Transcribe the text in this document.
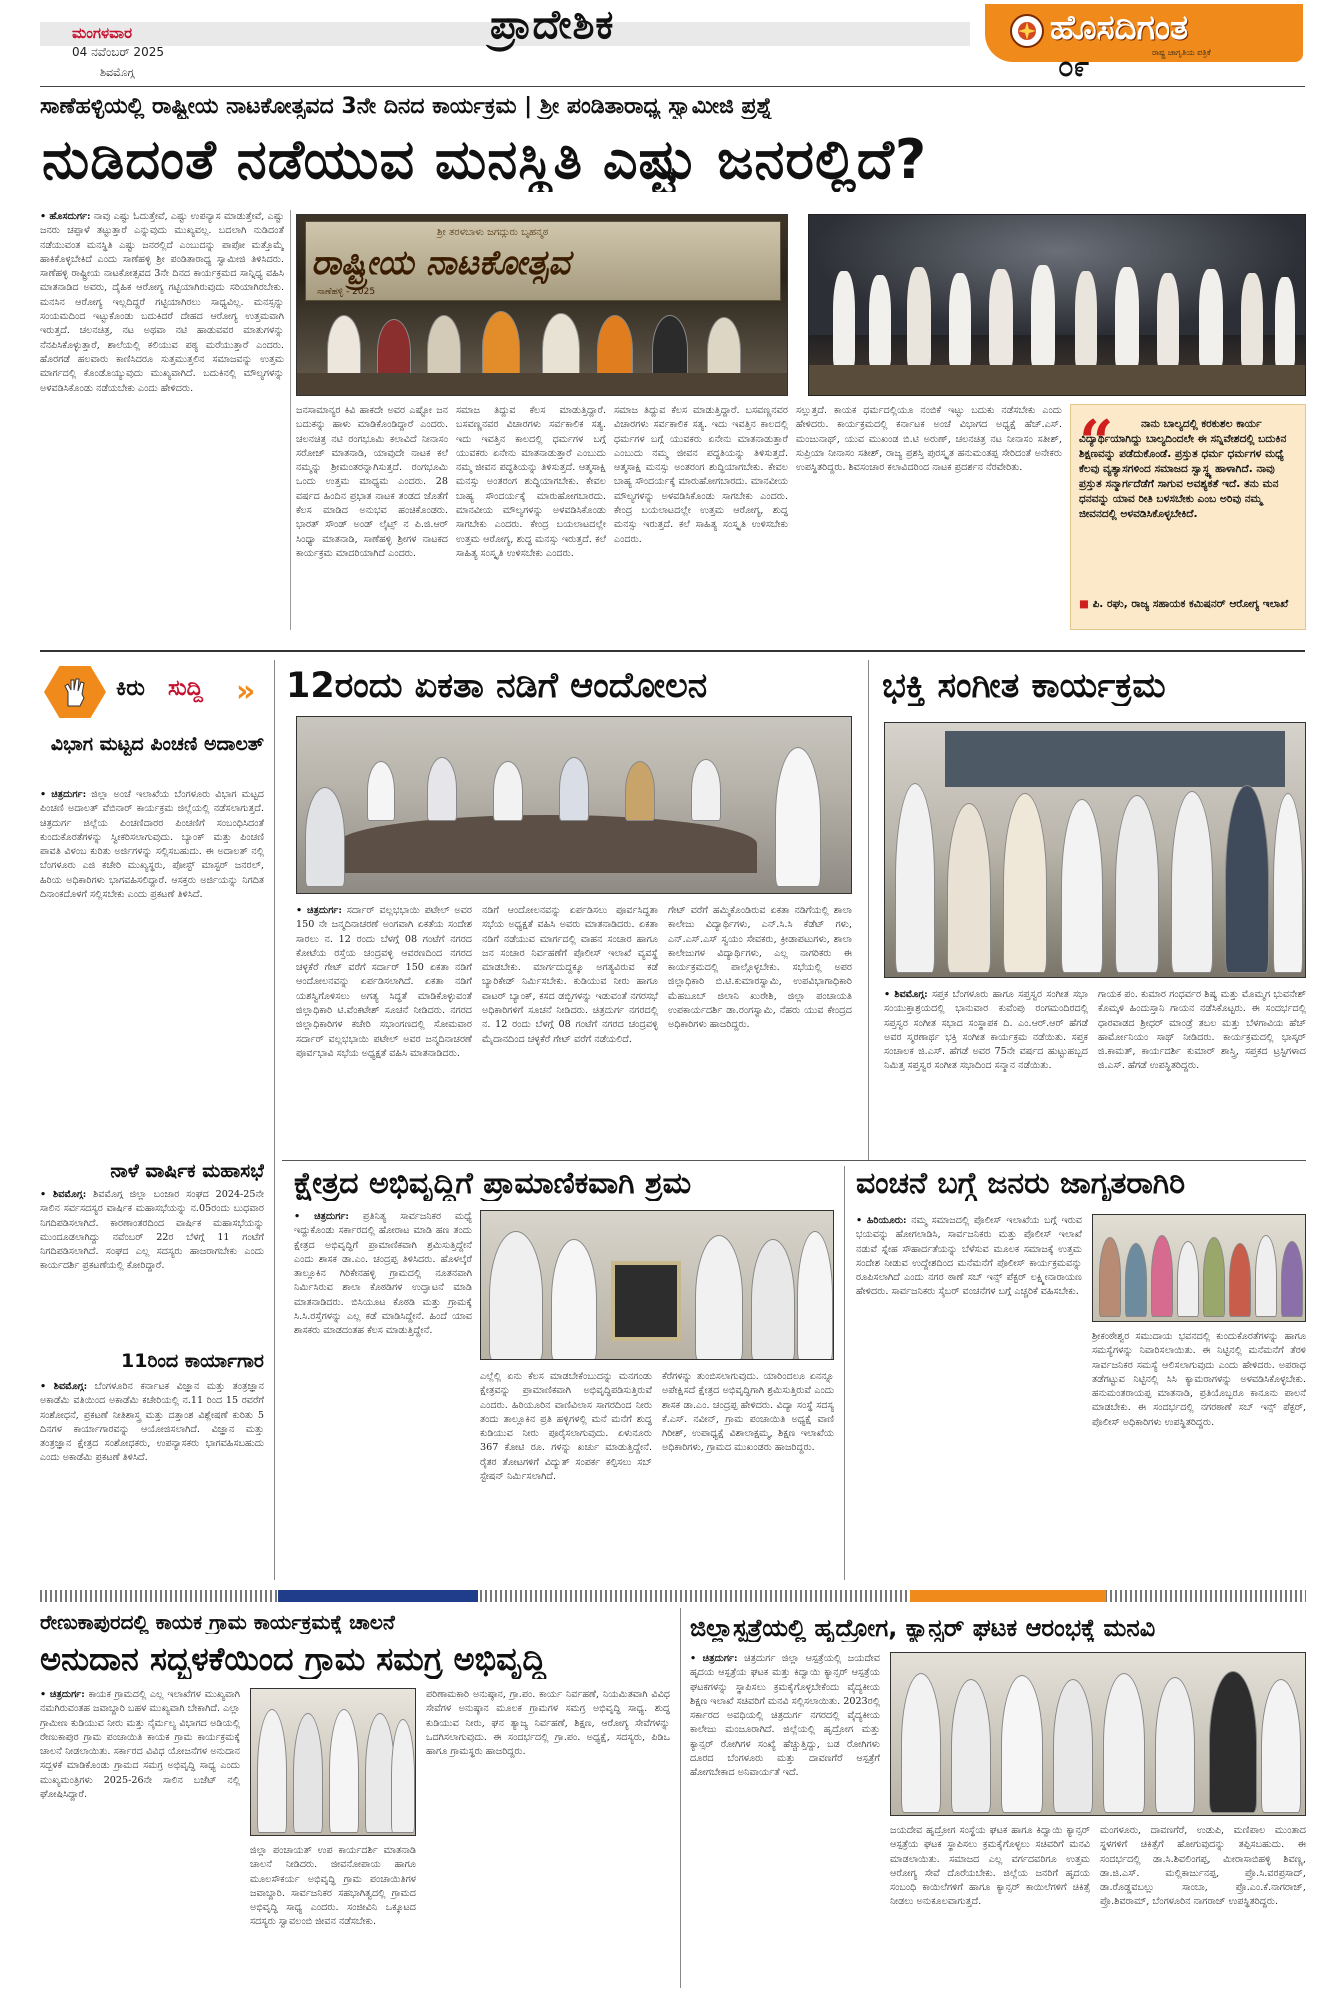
ಮಂಗಳವಾರ
04 ನವೆಂಬರ್ 2025
ಶಿವಮೊಗ್ಗ
ಪ್ರಾದೇಶಿಕ	ಹೊಸದಿಗಂತ
ರಾಷ್ಟ್ರ ಜಾಗೃತಿಯ ಪತ್ರಿಕೆ
೦೯
ಸಾಣೆಹಳ್ಳಿಯಲ್ಲಿ ರಾಷ್ಟ್ರೀಯ ನಾಟಕೋತ್ಸವದ 3ನೇ ದಿನದ ಕಾರ್ಯಕ್ರಮ | ಶ್ರೀ ಪಂಡಿತಾರಾಧ್ಯ ಸ್ವಾಮೀಜಿ ಪ್ರಶ್ನೆ
ನುಡಿದಂತೆ ನಡೆಯುವ ಮನಸ್ಥಿತಿ ಎಷ್ಟು ಜನರಲ್ಲಿದೆ?
ಶ್ರೀ ತರಳಬಾಳು ಜಗದ್ಗುರು ಬೃಹನ್ಮಠ
ರಾಷ್ಟ್ರೀಯ ನಾಟಕೋತ್ಸವ
ಸಾಣೆಹಳ್ಳಿ - 2025

• ಹೊಸದುರ್ಗ: ನಾವು ಎಷ್ಟು ಓದುತ್ತೇವೆ, ಎಷ್ಟು ಉಪನ್ಯಾಸ ಮಾಡುತ್ತೇವೆ, ಎಷ್ಟು ಜನರು ಚಪ್ಪಾಳೆ ತಟ್ಟುತ್ತಾರೆ ಎನ್ನುವುದು ಮುಖ್ಯವಲ್ಲ. ಬದಲಾಗಿ ನುಡಿದಂತೆ ನಡೆಯುವಂತ ಮನಸ್ಥಿತಿ ಎಷ್ಟು ಜನರಲ್ಲಿದೆ ಎಂಬುದನ್ನು ಪಾಪೋ ಮತ್ತೊಮ್ಮೆ ಹಾಕಿಕೊಳ್ಳಬೇಕಿದೆ ಎಂದು ಸಾಣೆಹಳ್ಳಿ ಶ್ರೀ ಪಂಡಿತಾರಾಧ್ಯ ಸ್ವಾಮೀಜಿ ತಿಳಿಸಿದರು. ಸಾಣೆಹಳ್ಳಿ ರಾಷ್ಟ್ರೀಯ ನಾಟಕೋತ್ಸವದ 3ನೇ ದಿನದ ಕಾರ್ಯಕ್ರಮದ ಸಾನ್ನಿಧ್ಯ ವಹಿಸಿ ಮಾತನಾಡಿದ ಅವರು, ದೈಹಿಕ ಆರೋಗ್ಯ ಗಟ್ಟಿಯಾಗಿರುವುದು ಸರಿಯಾಗಿರಬೇಕು. ಮನಸಿನ ಆರೋಗ್ಯ ಇಲ್ಲದಿದ್ದರೆ ಗಟ್ಟಿಯಾಗಿರಲು ಸಾಧ್ಯವಿಲ್ಲ. ಮನಸ್ಸನ್ನು ಸಂಯಮದಿಂದ ಇಟ್ಟುಕೊಂಡು ಬದುಕಿದರೆ ದೇಹದ ಆರೋಗ್ಯ ಉತ್ತಮವಾಗಿ ಇರುತ್ತದೆ. ಚಲನಚಿತ್ರ, ನಟ ಅಥವಾ ನಟಿ ಹಾಡುವವರ ಮಾತುಗಳನ್ನು ನೆನಪಿಸಿಕೊಳ್ಳುತ್ತಾರೆ, ಶಾಲೆಯಲ್ಲಿ ಕಲಿಯುವ ಪಠ್ಯ ಮರೆಯುತ್ತಾರೆ ಎಂದರು. ಹೊರಗಡೆ ಹಲವಾರು ಕಾಣಿಸಿದರೂ ಸುತ್ತಮುತ್ತಲಿನ ಸಮಾಜವನ್ನು ಉತ್ತಮ ಮಾರ್ಗದಲ್ಲಿ ಕೊಂಡೊಯ್ಯುವುದು ಮುಖ್ಯವಾಗಿದೆ. ಬದುಕಿನಲ್ಲಿ ಮೌಲ್ಯಗಳನ್ನು ಅಳವಡಿಸಿಕೊಂಡು ನಡೆಯಬೇಕು ಎಂದು ಹೇಳಿದರು.

ಜನಸಾಮಾನ್ಯರ ಕಿವಿ ಹಾಕದೇ ಅವರ ಎಷ್ಟೋ ಜನ ಬದುಕನ್ನು ಹಾಳು ಮಾಡಿಕೊಂಡಿದ್ದಾರೆ ಎಂದರು. ಚಲನಚಿತ್ರ ನಟಿ ರಂಗಭೂಮಿ ಕಲಾವಿದೆ ನೀನಾಸಂ ಸರೋಜ್ ಮಾತನಾಡಿ, ಯಾವುದೇ ನಾಟಕ ಕಲೆ ನಮ್ಮನ್ನು ಶ್ರೀಮಂತರನ್ನಾಗಿಸುತ್ತದೆ. ರಂಗಭೂಮಿ ಒಂದು ಉತ್ತಮ ಮಾಧ್ಯಮ ಎಂದರು. 28 ವರ್ಷದ ಹಿಂದಿನ ಪ್ರಭಾತ ನಾಟಕ ತಂಡದ ಜೊತೆಗೆ ಕೆಲಸ ಮಾಡಿದ ಅನುಭವ ಹಂಚಿಕೊಂಡರು. ಭಾರತ್ ಸೌಂಡ್ ಅಂಡ್ ಲೈಟ್ಸ್ ನ ಪಿ.ಜಿ.ಆರ್ ಸಿಂಧ್ಯಾ ಮಾತನಾಡಿ, ಸಾಣೆಹಳ್ಳಿ ಶ್ರೀಗಳ ನಾಟಕದ ಕಾರ್ಯಕ್ರಮ ಮಾದರಿಯಾಗಿದೆ ಎಂದರು.

ಸಮಾಜ ತಿದ್ದುವ ಕೆಲಸ ಮಾಡುತ್ತಿದ್ದಾರೆ. ಬಸವಣ್ಣನವರ ವಿಚಾರಗಳು ಸರ್ವಕಾಲಿಕ ಸತ್ಯ. ಇದು ಇವತ್ತಿನ ಕಾಲದಲ್ಲಿ ಧರ್ಮಗಳ ಬಗ್ಗೆ ಯುವಕರು ಏನೇನು ಮಾತನಾಡುತ್ತಾರೆ ಎಂಬುದು ನಮ್ಮ ಜೀವನ ಪದ್ಧತಿಯನ್ನು ತಿಳಿಸುತ್ತದೆ. ಆತ್ಮಸಾಕ್ಷಿ ಮನಸ್ಸು ಅಂತರಂಗ ಶುದ್ಧಿಯಾಗಬೇಕು. ಕೇವಲ ಬಾಹ್ಯ ಸೌಂದರ್ಯಕ್ಕೆ ಮಾರುಹೋಗಬಾರದು. ಮಾನವೀಯ ಮೌಲ್ಯಗಳನ್ನು ಅಳವಡಿಸಿಕೊಂಡು ಸಾಗಬೇಕು ಎಂದರು. ಕೇಂದ್ರ ಬಯಲಾಟದಲ್ಲೇ ಉತ್ತಮ ಆರೋಗ್ಯ, ಶುದ್ಧ ಮನಸ್ಸು ಇರುತ್ತದೆ. ಕಲೆ ಸಾಹಿತ್ಯ ಸಂಸ್ಕೃತಿ ಉಳಿಸಬೇಕು ಎಂದರು.

ಸಮಾಜ ತಿದ್ದುವ ಕೆಲಸ ಮಾಡುತ್ತಿದ್ದಾರೆ. ಬಸವಣ್ಣನವರ ವಿಚಾರಗಳು ಸರ್ವಕಾಲಿಕ ಸತ್ಯ. ಇದು ಇವತ್ತಿನ ಕಾಲದಲ್ಲಿ ಧರ್ಮಗಳ ಬಗ್ಗೆ ಯುವಕರು ಏನೇನು ಮಾತನಾಡುತ್ತಾರೆ ಎಂಬುದು ನಮ್ಮ ಜೀವನ ಪದ್ಧತಿಯನ್ನು ತಿಳಿಸುತ್ತದೆ. ಆತ್ಮಸಾಕ್ಷಿ ಮನಸ್ಸು ಅಂತರಂಗ ಶುದ್ಧಿಯಾಗಬೇಕು. ಕೇವಲ ಬಾಹ್ಯ ಸೌಂದರ್ಯಕ್ಕೆ ಮಾರುಹೋಗಬಾರದು. ಮಾನವೀಯ ಮೌಲ್ಯಗಳನ್ನು ಅಳವಡಿಸಿಕೊಂಡು ಸಾಗಬೇಕು ಎಂದರು. ಕೇಂದ್ರ ಬಯಲಾಟದಲ್ಲೇ ಉತ್ತಮ ಆರೋಗ್ಯ, ಶುದ್ಧ ಮನಸ್ಸು ಇರುತ್ತದೆ. ಕಲೆ ಸಾಹಿತ್ಯ ಸಂಸ್ಕೃತಿ ಉಳಿಸಬೇಕು ಎಂದರು.

ಸಲ್ಲುತ್ತದೆ. ಕಾಯಕ ಧರ್ಮದಲ್ಲಿಯೂ ನಂಬಿಕೆ ಇಟ್ಟು ಬದುಕು ನಡೆಸಬೇಕು ಎಂದು ಹೇಳಿದರು. ಕಾರ್ಯಕ್ರಮದಲ್ಲಿ ಕರ್ನಾಟಕ ಅಂಚೆ ವಿಭಾಗದ ಅಧ್ಯಕ್ಷೆ ಹೆಚ್.ಎಸ್. ಮಂಜುನಾಥ್, ಯುವ ಮುಖಂಡ ಬಿ.ಟಿ ಅರುಣ್, ಚಲನಚಿತ್ರ ನಟ ನೀನಾಸಂ ಸತೀಶ್, ಸುಪ್ರಿಯಾ ನೀನಾಸಂ ಸತೀಶ್, ರಾಜ್ಯ ಪ್ರಶಸ್ತಿ ಪುರಸ್ಕೃತ ಹನುಮಂತಪ್ಪ ಸೇರಿದಂತೆ ಅನೇಕರು ಉಪಸ್ಥಿತರಿದ್ದರು. ಶಿವಸಂಚಾರ ಕಲಾವಿದರಿಂದ ನಾಟಕ ಪ್ರದರ್ಶನ ನೆರವೇರಿತು. “	ನಾನು ಬಾಲ್ಯದಲ್ಲಿ ಕರಕುಶಲ ಕಾರ್ಯ ವಿದ್ಯಾರ್ಥಿಯಾಗಿದ್ದು ಬಾಲ್ಯದಿಂದಲೇ ಈ ಸನ್ನಿವೇಶದಲ್ಲಿ ಬದುಕಿನ ಶಿಕ್ಷಣವನ್ನು ಪಡೆದುಕೊಂಡೆ. ಪ್ರಸ್ತುತ ಧರ್ಮ ಧರ್ಮಗಳ ಮಧ್ಯೆ ಕೆಲವು ವ್ಯತ್ಯಾಸಗಳಿಂದ ಸಮಾಜದ ಸ್ವಾಸ್ಥ್ಯ ಹಾಳಾಗಿದೆ. ನಾವು ಪ್ರಸ್ತುತ ಸನ್ಮಾರ್ಗದೆಡೆಗೆ ಸಾಗುವ ಅವಶ್ಯಕತೆ ಇದೆ. ತನು ಮನ ಧನವನ್ನು ಯಾವ ರೀತಿ ಬಳಸಬೇಕು ಎಂಬ ಅರಿವು ನಮ್ಮ ಜೀವನದಲ್ಲಿ ಅಳವಡಿಸಿಕೊಳ್ಳಬೇಕಿದೆ.
■ ಪಿ. ರಘು, ರಾಜ್ಯ ಸಹಾಯಕ ಕಮಿಷನರ್ ಆರೋಗ್ಯ ಇಲಾಖೆ
ಕಿರು ಸುದ್ದಿ »
ವಿಭಾಗ ಮಟ್ಟದ ಪಿಂಚಣಿ ಅದಾಲತ್

• ಚಿತ್ರದುರ್ಗ: ಜಿಲ್ಲಾ ಅಂಚೆ ಇಲಾಖೆಯ ಬೆಂಗಳೂರು ವಿಭಾಗ ಮಟ್ಟದ ಪಿಂಚಣಿ ಅದಾಲತ್ ವೆಬಿನಾರ್ ಕಾರ್ಯಕ್ರಮ ಜಿಲ್ಲೆಯಲ್ಲಿ ನಡೆಸಲಾಗುತ್ತದೆ. ಚಿತ್ರದುರ್ಗ ಜಿಲ್ಲೆಯ ಪಿಂಚಣಿದಾರರ ಪಿಂಚಣಿಗೆ ಸಂಬಂಧಿಸಿದಂತೆ ಕುಂದುಕೊರತೆಗಳನ್ನು ಸ್ವೀಕರಿಸಲಾಗುವುದು. ಬ್ಯಾಂಕ್ ಮತ್ತು ಪಿಂಚಣಿ ಪಾವತಿ ವಿಳಂಬ ಕುರಿತು ಅರ್ಜಿಗಳನ್ನು ಸಲ್ಲಿಸಬಹುದು. ಈ ಅದಾಲತ್ ನಲ್ಲಿ ಬೆಂಗಳೂರು ಎಜಿ ಕಚೇರಿ ಮುಖ್ಯಸ್ಥರು, ಪೋಸ್ಟ್ ಮಾಸ್ಟರ್ ಜನರಲ್, ಹಿರಿಯ ಅಧಿಕಾರಿಗಳು ಭಾಗವಹಿಸಲಿದ್ದಾರೆ. ಆಸಕ್ತರು ಅರ್ಜಿಯನ್ನು ನಿಗದಿತ ದಿನಾಂಕದೊಳಗೆ ಸಲ್ಲಿಸಬೇಕು ಎಂದು ಪ್ರಕಟಣೆ ತಿಳಿಸಿದೆ.

ನಾಳೆ ವಾರ್ಷಿಕ ಮಹಾಸಭೆ

• ಶಿವಮೊಗ್ಗ: ಶಿವಮೊಗ್ಗ ಜಿಲ್ಲಾ ಬಂಜಾರ ಸಂಘದ 2024-25ನೇ ಸಾಲಿನ ಸರ್ವಸದಸ್ಯರ ವಾರ್ಷಿಕ ಮಹಾಸಭೆಯನ್ನು ನ.05ರಂದು ಬುಧವಾರ ನಿಗದಿಪಡಿಸಲಾಗಿದೆ. ಕಾರಣಾಂತರದಿಂದ ವಾರ್ಷಿಕ ಮಹಾಸಭೆಯನ್ನು ಮುಂದೂಡಲಾಗಿದ್ದು ನವೆಂಬರ್ 22ರ ಬೆಳಗ್ಗೆ 11 ಗಂಟೆಗೆ ನಿಗದಿಪಡಿಸಲಾಗಿದೆ. ಸಂಘದ ಎಲ್ಲ ಸದಸ್ಯರು ಹಾಜರಾಗಬೇಕು ಎಂದು ಕಾರ್ಯದರ್ಶಿ ಪ್ರಕಟಣೆಯಲ್ಲಿ ಕೋರಿದ್ದಾರೆ.

11ರಿಂದ ಕಾರ್ಯಾಗಾರ

• ಶಿವಮೊಗ್ಗ: ಬೆಂಗಳೂರಿನ ಕರ್ನಾಟಕ ವಿಜ್ಞಾನ ಮತ್ತು ತಂತ್ರಜ್ಞಾನ ಅಕಾಡೆಮಿ ವತಿಯಿಂದ ಅಕಾಡೆಮಿ ಕಚೇರಿಯಲ್ಲಿ ನ.11 ರಿಂದ 15 ರವರೆಗೆ ಸಂಶೋಧನೆ, ಪ್ರಕಟಣೆ ನೀತಿಶಾಸ್ತ್ರ ಮತ್ತು ದತ್ತಾಂಶ ವಿಶ್ಲೇಷಣೆ ಕುರಿತು 5 ದಿನಗಳ ಕಾರ್ಯಾಗಾರವನ್ನು ಆಯೋಜಿಸಲಾಗಿದೆ. ವಿಜ್ಞಾನ ಮತ್ತು ತಂತ್ರಜ್ಞಾನ ಕ್ಷೇತ್ರದ ಸಂಶೋಧಕರು, ಉಪನ್ಯಾಸಕರು ಭಾಗವಹಿಸಬಹುದು ಎಂದು ಅಕಾಡೆಮಿ ಪ್ರಕಟಣೆ ತಿಳಿಸಿದೆ.

12ರಂದು ಏಕತಾ ನಡಿಗೆ ಆಂದೋಲನ

• ಚಿತ್ರದುರ್ಗ: ಸರ್ದಾರ್ ವಲ್ಲಭಭಾಯಿ ಪಟೇಲ್ ಅವರ 150 ನೇ ಜನ್ಮದಿನಾಚರಣೆ ಅಂಗವಾಗಿ ಏಕತೆಯ ಸಂದೇಶ ಸಾರಲು ನ. 12 ರಂದು ಬೆಳಗ್ಗೆ 08 ಗಂಟೆಗೆ ನಗರದ ಕೋಟೆಯ ರಸ್ತೆಯ ಚಂದ್ರವಳ್ಳಿ ಆವರಣದಿಂದ ನಗರದ ಚಳ್ಳಕೆರೆ ಗೇಟ್ ವರೆಗೆ ಸರ್ದಾರ್ 150 ಏಕತಾ ನಡಿಗೆ ಆಂದೋಲನವನ್ನು ಏರ್ಪಡಿಸಲಾಗಿದೆ. ಏಕತಾ ನಡಿಗೆ ಯಶಸ್ವಿಗೊಳಿಸಲು ಅಗತ್ಯ ಸಿದ್ಧತೆ ಮಾಡಿಕೊಳ್ಳುವಂತೆ ಜಿಲ್ಲಾಧಿಕಾರಿ ಟಿ.ವೆಂಕಟೇಶ್ ಸೂಚನೆ ನೀಡಿದರು. ನಗರದ ಜಿಲ್ಲಾಧಿಕಾರಿಗಳ ಕಚೇರಿ ಸಭಾಂಗಣದಲ್ಲಿ ಸೋಮವಾರ ಸರ್ದಾರ್ ವಲ್ಲಭಭಾಯಿ ಪಟೇಲ್ ಅವರ ಜನ್ಮದಿನಾಚರಣೆ ಪೂರ್ವಭಾವಿ ಸಭೆಯ ಅಧ್ಯಕ್ಷತೆ ವಹಿಸಿ ಮಾತನಾಡಿದರು.

ನಡಿಗೆ ಆಂದೋಲನವನ್ನು ಏರ್ಪಡಿಸಲು ಪೂರ್ವಸಿದ್ಧತಾ ಸಭೆಯ ಅಧ್ಯಕ್ಷತೆ ವಹಿಸಿ ಅವರು ಮಾತನಾಡಿದರು. ಏಕತಾ ನಡಿಗೆ ನಡೆಯುವ ಮಾರ್ಗದಲ್ಲಿ ವಾಹನ ಸಂಚಾರ ಹಾಗೂ ಜನ ಸಂಚಾರ ನಿರ್ವಹಣೆಗೆ ಪೊಲೀಸ್ ಇಲಾಖೆ ವ್ಯವಸ್ಥೆ ಮಾಡಬೇಕು. ಮಾರ್ಗದುದ್ದಕ್ಕೂ ಅಗತ್ಯವಿರುವ ಕಡೆ ಬ್ಯಾರಿಕೇಡ್ ನಿರ್ಮಿಸಬೇಕು. ಕುಡಿಯುವ ನೀರು ಹಾಗೂ ವಾಟರ್ ಬ್ಯಾಂಕ್, ಕಸದ ಡಬ್ಬಿಗಳನ್ನು ಇಡುವಂತೆ ನಗರಸಭೆ ಅಧಿಕಾರಿಗಳಿಗೆ ಸೂಚನೆ ನೀಡಿದರು. ಚಿತ್ರದುರ್ಗ ನಗರದಲ್ಲಿ ನ. 12 ರಂದು ಬೆಳಗ್ಗೆ 08 ಗಂಟೆಗೆ ನಗರದ ಚಂದ್ರವಳ್ಳಿ ಮೈದಾನದಿಂದ ಚಳ್ಳಕೆರೆ ಗೇಟ್ ವರೆಗೆ ನಡೆಯಲಿದೆ.

ಗೇಟ್ ವರೆಗೆ ಹಮ್ಮಿಕೊಂಡಿರುವ ಏಕತಾ ನಡಿಗೆಯಲ್ಲಿ ಶಾಲಾ ಕಾಲೇಜು ವಿದ್ಯಾರ್ಥಿಗಳು, ಎನ್.ಸಿ.ಸಿ ಕೆಡೆಟ್ ಗಳು, ಎನ್.ಎಸ್.ಎಸ್ ಸ್ವಯಂ ಸೇವಕರು, ಕ್ರೀಡಾಪಟುಗಳು, ಶಾಲಾ ಕಾಲೇಜುಗಳ ವಿದ್ಯಾರ್ಥಿಗಳು, ಎಲ್ಲ ನಾಗರಿಕರು ಈ ಕಾರ್ಯಕ್ರಮದಲ್ಲಿ ಪಾಲ್ಗೊಳ್ಳಬೇಕು. ಸಭೆಯಲ್ಲಿ ಅಪರ ಜಿಲ್ಲಾಧಿಕಾರಿ ಬಿ.ಟಿ.ಕುಮಾರಸ್ವಾಮಿ, ಉಪವಿಭಾಗಾಧಿಕಾರಿ ಮೆಹಬೂಬ್ ಜಿಲಾನಿ ಖುರೇಶಿ, ಜಿಲ್ಲಾ ಪಂಚಾಯತಿ ಉಪಕಾರ್ಯದರ್ಶಿ ಡಾ.ರಂಗಸ್ವಾಮಿ, ನೆಹರು ಯುವ ಕೇಂದ್ರದ ಅಧಿಕಾರಿಗಳು ಹಾಜರಿದ್ದರು.

ಭಕ್ತಿ ಸಂಗೀತ ಕಾರ್ಯಕ್ರಮ

• ಶಿವಮೊಗ್ಗ: ಸಪ್ತಕ ಬೆಂಗಳೂರು ಹಾಗೂ ಸಪ್ತಸ್ವರ ಸಂಗೀತ ಸಭಾ ಸಂಯುಕ್ತಾಶ್ರಯದಲ್ಲಿ ಭಾನುವಾರ ಕುವೆಂಪು ರಂಗಮಂದಿರದಲ್ಲಿ ಸಪ್ತಸ್ವರ ಸಂಗೀತ ಸಭಾದ ಸಂಸ್ಥಾಪಕ ದಿ. ಎಂ.ಆರ್.ಆರ್ ಹೆಗಡೆ ಅವರ ಸ್ಮರಣಾರ್ಥ ಭಕ್ತಿ ಸಂಗೀತ ಕಾರ್ಯಕ್ರಮ ನಡೆಯಿತು. ಸಪ್ತಕ ಸಂಚಾಲಕ ಜಿ.ಎಸ್. ಹೆಗಡೆ ಅವರ 75ನೇ ವರ್ಷದ ಹುಟ್ಟುಹಬ್ಬದ ನಿಮಿತ್ತ ಸಪ್ತಸ್ವರ ಸಂಗೀತ ಸಭಾದಿಂದ ಸನ್ಮಾನ ನಡೆಯಿತು.

ಗಾಯಕ ಪಂ. ಕುಮಾರ ಗಂಧರ್ವರ ಶಿಷ್ಯ ಮತ್ತು ಮೊಮ್ಮಗ ಭುವನೇಶ್ ಕೊಮ್ಕಳಿ ಹಿಂದುಸ್ತಾನಿ ಗಾಯನ ನಡೆಸಿಕೊಟ್ಟರು. ಈ ಸಂದರ್ಭದಲ್ಲಿ ಧಾರವಾಡದ ಶ್ರೀಧರ್ ಮಾಂಡ್ರೆ ತಬಲ ಮತ್ತು ಬೆಳಗಾವಿಯ ಹೆಚ್ ಹಾರ್ಮೋನಿಯಂ ಸಾಥ್ ನೀಡಿದರು. ಕಾರ್ಯಕ್ರಮದಲ್ಲಿ ಭಾಸ್ಕರ್ ಜಿ.ಕಾಮತ್, ಕಾರ್ಯದರ್ಶಿ ಕುಮಾರ್ ಶಾಸ್ತ್ರಿ, ಸಪ್ತಕದ ಟ್ರಸ್ಟಿಗಳಾದ ಜಿ.ಎಸ್. ಹೆಗಡೆ ಉಪಸ್ಥಿತರಿದ್ದರು.

ಕ್ಷೇತ್ರದ ಅಭಿವೃದ್ಧಿಗೆ ಪ್ರಾಮಾಣಿಕವಾಗಿ ಶ್ರಮ

• ಚಿತ್ರದುರ್ಗ: ಪ್ರತಿನಿತ್ಯ ಸಾರ್ವಜನಿಕರ ಮಧ್ಯೆ ಇದ್ದುಕೊಂಡು ಸರ್ಕಾರದಲ್ಲಿ ಹೋರಾಟ ಮಾಡಿ ಹಣ ತಂದು ಕ್ಷೇತ್ರದ ಅಭಿವೃದ್ಧಿಗೆ ಪ್ರಾಮಾಣಿಕವಾಗಿ ಶ್ರಮಿಸುತ್ತಿದ್ದೇನೆ ಎಂದು ಶಾಸಕ ಡಾ.ಎಂ. ಚಂದ್ರಪ್ಪ ತಿಳಿಸಿದರು. ಹೊಳಲ್ಕೆರೆ ತಾಲ್ಲೂಕಿನ ಗಿರಿಕೇನಹಳ್ಳಿ ಗ್ರಾಮದಲ್ಲಿ ನೂತನವಾಗಿ ನಿರ್ಮಿಸಿರುವ ಶಾಲಾ ಕೊಠಡಿಗಳ ಉದ್ಘಾಟನೆ ಮಾಡಿ ಮಾತನಾಡಿದರು. ಬಿಸಿಯೂಟ ಕೊಠಡಿ ಮತ್ತು ಗ್ರಾಮಕ್ಕೆ ಸಿ.ಸಿ.ರಸ್ತೆಗಳನ್ನು ಎಲ್ಲ ಕಡೆ ಮಾಡಿಸಿದ್ದೇನೆ. ಹಿಂದೆ ಯಾವ ಶಾಸಕರು ಮಾಡದಂತಹ ಕೆಲಸ ಮಾಡುತ್ತಿದ್ದೇನೆ.

ಎಲ್ಲೆಲ್ಲಿ ಏನು ಕೆಲಸ ಮಾಡಬೇಕೆಂಬುದನ್ನು ಮನಗಂಡು ಕ್ಷೇತ್ರವನ್ನು ಪ್ರಾಮಾಣಿಕವಾಗಿ ಅಭಿವೃದ್ಧಿಪಡಿಸುತ್ತಿರುವೆ ಎಂದರು. ಹಿರಿಯೂರಿನ ವಾಣಿವಿಲಾಸ ಸಾಗರದಿಂದ ನೀರು ತಂದು ತಾಲ್ಲೂಕಿನ ಪ್ರತಿ ಹಳ್ಳಿಗಳಲ್ಲಿ ಮನೆ ಮನೆಗೆ ಶುದ್ಧ ಕುಡಿಯುವ ನೀರು ಪೂರೈಸಲಾಗುವುದು. ಏಳುನೂರು 367 ಕೋಟಿ ರೂ. ಗಳನ್ನು ಖರ್ಚು ಮಾಡುತ್ತಿದ್ದೇನೆ. ರೈತರ ತೋಟಗಳಿಗೆ ವಿದ್ಯುತ್ ಸಂಪರ್ಕ ಕಲ್ಪಿಸಲು ಸಬ್ ಸ್ಟೇಷನ್ ನಿರ್ಮಿಸಲಾಗಿದೆ.

ಕೆರೆಗಳನ್ನು ತುಂಬಿಸಲಾಗುವುದು. ಯಾರಿಂದಲೂ ಏನನ್ನೂ ಅಪೇಕ್ಷಿಸದೆ ಕ್ಷೇತ್ರದ ಅಭಿವೃದ್ಧಿಗಾಗಿ ಶ್ರಮಿಸುತ್ತಿರುವೆ ಎಂದು ಶಾಸಕ ಡಾ.ಎಂ. ಚಂದ್ರಪ್ಪ ಹೇಳಿದರು. ವಿದ್ಯಾ ಸಂಸ್ಥೆ ಸದಸ್ಯ ಕೆ.ಎಸ್. ನವೀನ್, ಗ್ರಾಮ ಪಂಚಾಯಿತಿ ಅಧ್ಯಕ್ಷೆ ವಾಣಿ ಗಿರೀಶ್, ಉಪಾಧ್ಯಕ್ಷೆ ವಿಶಾಲಾಕ್ಷಮ್ಮ, ಶಿಕ್ಷಣ ಇಲಾಖೆಯ ಅಧಿಕಾರಿಗಳು, ಗ್ರಾಮದ ಮುಖಂಡರು ಹಾಜರಿದ್ದರು.

ವಂಚನೆ ಬಗ್ಗೆ ಜನರು ಜಾಗೃತರಾಗಿರಿ

• ಹಿರಿಯೂರು: ನಮ್ಮ ಸಮಾಜದಲ್ಲಿ ಪೊಲೀಸ್ ಇಲಾಖೆಯ ಬಗ್ಗೆ ಇರುವ ಭಯವನ್ನು ಹೋಗಲಾಡಿಸಿ, ಸಾರ್ವಜನಿಕರು ಮತ್ತು ಪೊಲೀಸ್ ಇಲಾಖೆ ನಡುವೆ ಸ್ನೇಹ ಸೌಹಾರ್ದತೆಯನ್ನು ಬೆಳೆಸುವ ಮೂಲಕ ಸಮಾಜಕ್ಕೆ ಉತ್ತಮ ಸಂದೇಶ ನೀಡುವ ಉದ್ದೇಶದಿಂದ ಮನೆಮನೆಗೆ ಪೊಲೀಸ್ ಕಾರ್ಯಕ್ರಮವನ್ನು ರೂಪಿಸಲಾಗಿದೆ ಎಂದು ನಗರ ಠಾಣೆ ಸಬ್ ಇನ್ಸ್ ಪೆಕ್ಟರ್ ಲಕ್ಷ್ಮೀನಾರಾಯಣ ಹೇಳಿದರು. ಸಾರ್ವಜನಿಕರು ಸೈಬರ್ ವಂಚನೆಗಳ ಬಗ್ಗೆ ಎಚ್ಚರಿಕೆ ವಹಿಸಬೇಕು.

ಶ್ರೀಕಂಠೇಶ್ವರ ಸಮುದಾಯ ಭವನದಲ್ಲಿ ಕುಂದುಕೊರತೆಗಳನ್ನು ಹಾಗೂ ಸಮಸ್ಯೆಗಳನ್ನು ನಿವಾರಿಸಲಾಯಿತು. ಈ ನಿಟ್ಟಿನಲ್ಲಿ ಮನೆಮನೆಗೆ ತೆರಳಿ ಸಾರ್ವಜನಿಕರ ಸಮಸ್ಯೆ ಆಲಿಸಲಾಗುವುದು ಎಂದು ಹೇಳಿದರು. ಅಪರಾಧ ತಡೆಗಟ್ಟುವ ನಿಟ್ಟಿನಲ್ಲಿ ಸಿಸಿ ಕ್ಯಾಮರಾಗಳನ್ನು ಅಳವಡಿಸಿಕೊಳ್ಳಬೇಕು. ಹನುಮಂತರಾಯಪ್ಪ ಮಾತನಾಡಿ, ಪ್ರತಿಯೊಬ್ಬರೂ ಕಾನೂನು ಪಾಲನೆ ಮಾಡಬೇಕು. ಈ ಸಂದರ್ಭದಲ್ಲಿ ನಗರಠಾಣೆ ಸಬ್ ಇನ್ಸ್ ಪೆಕ್ಟರ್, ಪೊಲೀಸ್ ಅಧಿಕಾರಿಗಳು ಉಪಸ್ಥಿತರಿದ್ದರು.

ರೇಣುಕಾಪುರದಲ್ಲಿ ಕಾಯಕ ಗ್ರಾಮ ಕಾರ್ಯಕ್ರಮಕ್ಕೆ ಚಾಲನೆ
ಅನುದಾನ ಸದ್ಬಳಕೆಯಿಂದ ಗ್ರಾಮ ಸಮಗ್ರ ಅಭಿವೃದ್ಧಿ

• ಚಿತ್ರದುರ್ಗ: ಕಾಯಕ ಗ್ರಾಮದಲ್ಲಿ ಎಲ್ಲ ಇಲಾಖೆಗಳ ಮುಖ್ಯವಾಗಿ ನಮಗಿರುವಂತಹ ಜವಾಬ್ದಾರಿ ಬಹಳ ಮುಖ್ಯವಾಗಿ ಬೇಕಾಗಿದೆ. ಎಲ್ಲಾ ಗ್ರಾಮೀಣ ಕುಡಿಯುವ ನೀರು ಮತ್ತು ನೈರ್ಮಲ್ಯ ವಿಭಾಗದ ಅಡಿಯಲ್ಲಿ ರೇಣುಕಾಪುರ ಗ್ರಾಮ ಪಂಚಾಯಿತಿ ಕಾಯಕ ಗ್ರಾಮ ಕಾರ್ಯಕ್ರಮಕ್ಕೆ ಚಾಲನೆ ನೀಡಲಾಯಿತು. ಸರ್ಕಾರದ ವಿವಿಧ ಯೋಜನೆಗಳ ಅನುದಾನ ಸದ್ಬಳಕೆ ಮಾಡಿಕೊಂಡು ಗ್ರಾಮದ ಸಮಗ್ರ ಅಭಿವೃದ್ಧಿ ಸಾಧ್ಯ ಎಂದು ಮುಖ್ಯಮಂತ್ರಿಗಳು 2025-26ನೇ ಸಾಲಿನ ಬಜೆಟ್ ನಲ್ಲಿ ಘೋಷಿಸಿದ್ದಾರೆ.

ಜಿಲ್ಲಾ ಪಂಚಾಯತ್ ಉಪ ಕಾರ್ಯದರ್ಶಿ ಮಾತನಾಡಿ ಚಾಲನೆ ನೀಡಿದರು. ಜೀವನೋಪಾಯ ಹಾಗೂ ಮೂಲಸೌಕರ್ಯ ಅಭಿವೃದ್ಧಿ ಗ್ರಾಮ ಪಂಚಾಯಿತಿಗಳ ಜವಾಬ್ದಾರಿ. ಸಾರ್ವಜನಿಕರ ಸಹಭಾಗಿತ್ವದಲ್ಲಿ ಗ್ರಾಮದ ಅಭಿವೃದ್ಧಿ ಸಾಧ್ಯ ಎಂದರು. ಸಂಜೀವಿನಿ ಒಕ್ಕೂಟದ ಸದಸ್ಯರು ಸ್ವಾವಲಂಬಿ ಜೀವನ ನಡೆಸಬೇಕು.

ಪರಿಣಾಮಕಾರಿ ಅನುಷ್ಠಾನ, ಗ್ರಾ.ಪಂ. ಕಾರ್ಯ ನಿರ್ವಹಣೆ, ನಿಯಮಿತವಾಗಿ ವಿವಿಧ ಸೇವೆಗಳ ಅನುಷ್ಠಾನ ಮೂಲಕ ಗ್ರಾಮಗಳ ಸಮಗ್ರ ಅಭಿವೃದ್ಧಿ ಸಾಧ್ಯ. ಶುದ್ಧ ಕುಡಿಯುವ ನೀರು, ಘನ ತ್ಯಾಜ್ಯ ನಿರ್ವಹಣೆ, ಶಿಕ್ಷಣ, ಆರೋಗ್ಯ ಸೇವೆಗಳನ್ನು ಒದಗಿಸಲಾಗುವುದು. ಈ ಸಂದರ್ಭದಲ್ಲಿ ಗ್ರಾ.ಪಂ. ಅಧ್ಯಕ್ಷೆ, ಸದಸ್ಯರು, ಪಿಡಿಒ ಹಾಗೂ ಗ್ರಾಮಸ್ಥರು ಹಾಜರಿದ್ದರು.

ಜಿಲ್ಲಾಸ್ಪತ್ರೆಯಲ್ಲಿ ಹೃದ್ರೋಗ, ಕ್ಯಾನ್ಸರ್ ಘಟಕ ಆರಂಭಕ್ಕೆ ಮನವಿ

• ಚಿತ್ರದುರ್ಗ: ಚಿತ್ರದುರ್ಗ ಜಿಲ್ಲಾ ಆಸ್ಪತ್ರೆಯಲ್ಲಿ ಜಯದೇವ ಹೃದಯ ಆಸ್ಪತ್ರೆಯ ಘಟಕ ಮತ್ತು ಕಿದ್ವಾಯಿ ಕ್ಯಾನ್ಸರ್ ಆಸ್ಪತ್ರೆಯ ಘಟಕಗಳನ್ನು ಸ್ಥಾಪಿಸಲು ಕ್ರಮಕೈಗೊಳ್ಳಬೇಕೆಂದು ವೈದ್ಯಕೀಯ ಶಿಕ್ಷಣ ಇಲಾಖೆ ಸಚಿವರಿಗೆ ಮನವಿ ಸಲ್ಲಿಸಲಾಯಿತು. 2023ರಲ್ಲಿ ಸರ್ಕಾರದ ಅವಧಿಯಲ್ಲಿ ಚಿತ್ರದುರ್ಗ ನಗರದಲ್ಲಿ ವೈದ್ಯಕೀಯ ಕಾಲೇಜು ಮಂಜೂರಾಗಿದೆ. ಜಿಲ್ಲೆಯಲ್ಲಿ ಹೃದ್ರೋಗ ಮತ್ತು ಕ್ಯಾನ್ಸರ್ ರೋಗಿಗಳ ಸಂಖ್ಯೆ ಹೆಚ್ಚುತ್ತಿದ್ದು, ಬಡ ರೋಗಿಗಳು ದೂರದ ಬೆಂಗಳೂರು ಮತ್ತು ದಾವಣಗೆರೆ ಆಸ್ಪತ್ರೆಗೆ ಹೋಗಬೇಕಾದ ಅನಿವಾರ್ಯತೆ ಇದೆ.

ಜಯದೇವ ಹೃದ್ರೋಗ ಸಂಸ್ಥೆಯ ಘಟಕ ಹಾಗೂ ಕಿದ್ವಾಯಿ ಕ್ಯಾನ್ಸರ್ ಆಸ್ಪತ್ರೆಯ ಘಟಕ ಸ್ಥಾಪಿಸಲು ಕ್ರಮಕೈಗೊಳ್ಳಲು ಸಚಿವರಿಗೆ ಮನವಿ ಮಾಡಲಾಯಿತು. ಸಮಾಜದ ಎಲ್ಲ ವರ್ಗದವರಿಗೂ ಉತ್ತಮ ಆರೋಗ್ಯ ಸೇವೆ ದೊರೆಯಬೇಕು. ಜಿಲ್ಲೆಯ ಜನರಿಗೆ ಹೃದಯ ಸಂಬಂಧಿ ಕಾಯಿಲೆಗಳಿಗೆ ಹಾಗೂ ಕ್ಯಾನ್ಸರ್ ಕಾಯಿಲೆಗಳಿಗೆ ಚಿಕಿತ್ಸೆ ನೀಡಲು ಅನುಕೂಲವಾಗುತ್ತದೆ.

ಮಂಗಳೂರು, ದಾವಣಗೆರೆ, ಉಡುಪಿ, ಮಣಿಪಾಲ ಮುಂತಾದ ಸ್ಥಳಗಳಿಗೆ ಚಿಕಿತ್ಸೆಗೆ ಹೋಗುವುದನ್ನು ತಪ್ಪಿಸಬಹುದು. ಈ ಸಂದರ್ಭದಲ್ಲಿ ಡಾ.ಸಿ.ಶಿವಲಿಂಗಪ್ಪ, ಮೀರಾಸಾಬಿಹಳ್ಳಿ ಶಿವಣ್ಣ, ಡಾ.ಜಿ.ಎಸ್. ಮಲ್ಲಿಕಾರ್ಜುನಪ್ಪ, ಪ್ರೊ.ಸಿ.ವರಪ್ರಸಾದ್, ಡಾ.ರೊಡ್ಡವಬಲ್ಲು ಸಾಂಬಾ, ಪ್ರೊ.ಎಂ.ಕೆ.ನಾಗರಾಜ್, ಪ್ರೊ.ಶಿವರಾಮ್, ಬೆಂಗಳೂರಿನ ನಾಗರಾಜ್ ಉಪಸ್ಥಿತರಿದ್ದರು.
